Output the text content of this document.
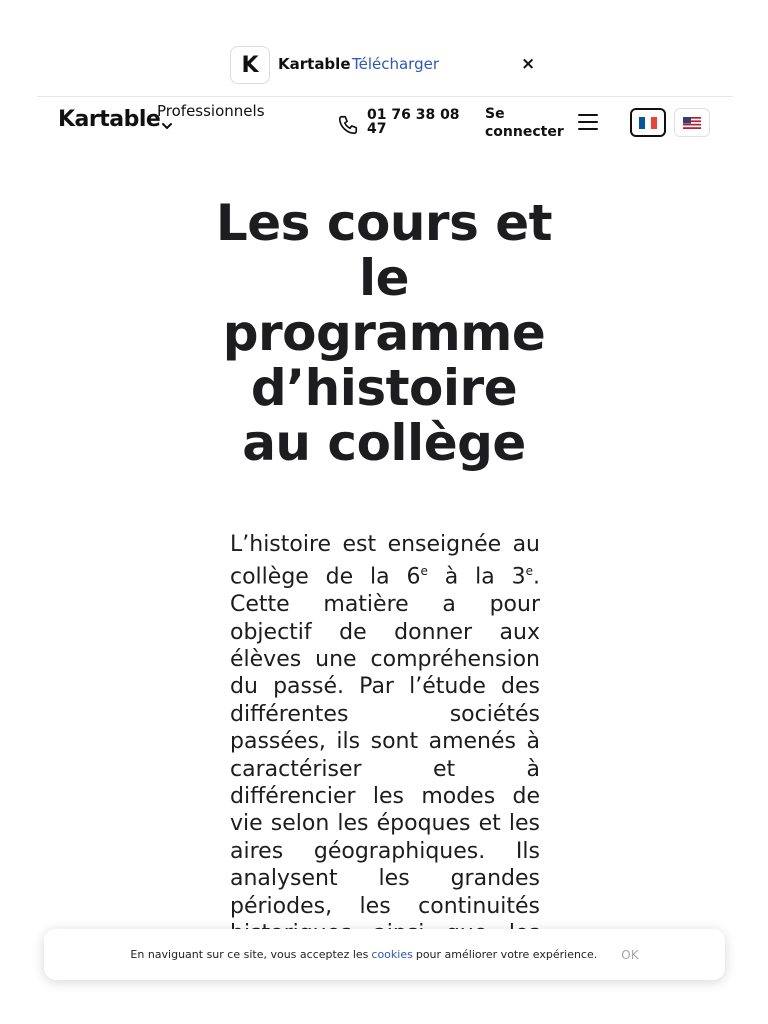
K	Kartable Télécharger	×
Kartable
Professionnels	01 76 38 08 47
Se connecter
Les cours et le programme d’histoire au collège

L’histoire est enseignée au collège de la 6e à la 3e. Cette matière a pour objectif de donner aux élèves une compréhension du passé. Par l’étude des différentes sociétés passées, ils sont amenés à caractériser et à différencier les modes de vie selon les époques et les aires géographiques. Ils analysent les grandes périodes, les continuités

En naviguant sur ce site, vous acceptez les cookies pour améliorer votre expérience. OK
